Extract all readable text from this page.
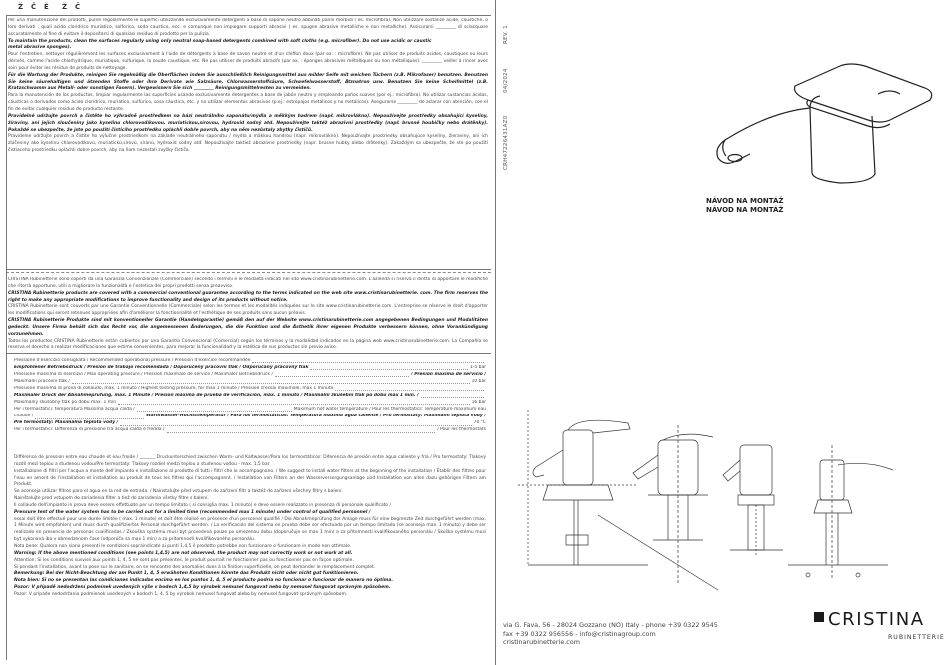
Ž Č Ě Ž Č

Per una manutenzione dei prodotti, pulire regolarmente le superfici utilizzando esclusivamente detergenti a base di sapone neutro abbinati panni morbidi ( es. microfibra). Non utilizzare sostanze acide, caustiche, o loro derivati , quali acido cloridrico muriatico, solforico, soda caustica, ecc. e comunque non impiegare supporti abrasivi ( es. spugne abrasive metalliche e non metalliche). Assicurarsi _________ di sciacquare accuratamente al fine di evitare il depositarsi di qualsiasi residuo di prodotto per la pulizia.

To maintain the products, clean the surfaces regularly using only neutral soap-based detergents combined with soft cloths (e.g. microfiber). Do not use acidic or caustic

metal abrasive sponges).

Pour l'entretien, nettoyer régulièrement les surfaces exclusivement à l'aide de détergents à base de savon neutre et d'un chiffon doux (par ex. : microfibre). Ne pas utiliser de produits acides, caustiques ou leurs dérivés, comme l'acide chlorhydrique, muriatique, sulfurique, la soude caustique, etc. Ne pas utiliser de produits abrasifs (par ex. : éponges abrasives métalliques ou non métalliques). _________ veiller à rincer avec soin pour éviter les résidus de produits de nettoyage.

Für die Wartung der Produkte, reinigen Sie regelmäßig die Oberflächen indem Sie ausschließlich Reinigungsmittel aus milder Seife mit weichen Tüchern (z.B. Mikrofaser) benutzen. Benutzen Sie keine säurehaltigen und ätzenden Stoffe oder ihre Derivate wie Salzsäure, Chlorwasserstoffsäure, Schwefelwasserstoff, Ätznatron usw. Benutzen Sie keine Scheifmittel (z.B. Kratzschwamm aus Metall- oder sonstigen Fasern). Vergewissern Sie sich _________ Reinigungsmittelresten zu vermeiden.

Para la manutención de los productos, limpiar regularmente las superficies usando exclusivamente detergentes a base de jabón neutro y empleando paños suaves (por ej.: microfibra). No utilizar sustancias ácidas, cáusticas o derivados como ácido clorídrico, muriático, sulfúrico, sosa cáustica, etc. y no utilizar elementos abrasivos (p.ej.: estropajos metálicos y no metálicos). Asegurarse _________ de aclarar con atención, con el fin de evitar cualquier residuo de producto restante.

Pravidelné udržujte povrch a čistěte ho výhradně prostředkem na bázi neutrálního saponátu/mýdla a měkkým hadrem (např. mikrovlákno). Nepoužívejte prostředky obsahující kyseliny, žíraviny, ani jejich sloučeniny jako kyselinu chlorovodíkovou, muriatickou,sírovou, hydroxid sodný atd. Nepoužívejte taktéž abrazivní prostředky (např. brusné houbičky nebo drátěnky). Pokaždé se ubezpečte, že jste po použití čisticího prostředku opláchli dobře povrch, aby na něm nezůstaly zbytky čističů.

Pravidelne udržujte povrch a čistite ho výlučne prostriedkom na základe neutrálneho saponátu / mydla a mäkkou handrou (napr. mikrovlákno). Nepoužívajte prostriedky obsahujúce kyseliny, žieraviny, ani ich zlúčeniny ako kyselinu chlorovodíkovú, muriatickú,sírovú, síranú, hydroxid sodný atď. Nepoužívajte taktiež abrazívne prostriedky (napr. brúsne hubky alebo drôtenky). Zakaždým sa ubezpečte, že ste po použití čistiaceho prostriedku opláchli dobre povrch, aby na ňom nezostali zvyšky čističa.

CRISTINA Rubinetterie sono coperti da una Garanzia Convenzionale (Commerciale) secondo i termini e le modalità indicati nel sito www.cristinarubinetterie.com. L'azienda si riserva il diritto di apportare le modifiche che riterrà opportune, utili a migliorare la funzionalità e l'estetica dei propri prodotti senza preavviso.

CRISTINA Rubinetterie products are covered with a commercial conventional guarantee according to the terms indicated on the web site www.cristinarubinetterie. com. The firm reserves the right to make any appropriate modifications to improve functionality and design of its products without notice.

CRISTINA Rubinetterie sont couverts par une Garantie Conventionnelle (Commerciale) selon les termes et les modalités indiquées sur le site www.cristinarubinetterie.com. L'entreprise se réserve le droit d'apporter les modifications qui seront retenues appropriées afin d'améliorer la fonctionnalité et l'esthétique de ses produits sans aucun préavis.

CRISTINA Rubinetterie Produkte sind mit konventioneller Garantie (Handelsgarantie) gemäß den auf der Website www.cristinarubinetterie.com angegebenen Bedingungen und Modalitäten gedeckt. Unsere Firma behält sich das Recht vor, die angemessenen Änderungen, die die Funktion und die Ästhetik ihrer eigenen Produkte verbessern können, ohne Vorankündigung vorzunehmen.

Todos los productos CRISTINA Rubinetterie están cubiertos por una Garantía Convencional (Comercial) según los términos y la modalidad indicados en la página web www.cristinarubinetterie.com. La Compañía se reserva el derecho a realizar modificaciones que estime convenientes, para mejorar la funcionalidad y la estética de sus productos sin previo aviso.

Pressione d'esercizio consigliata / Recommended operational pressure / Pression d'exercice recommandée
Empfohlener Betriebsdruck / Presión de trabajo recomendada / Doporučený pracovní tlak / Odporúčaný pracovný tlak	1-5 bar
Pressione massima di esercizio / Max operating pressure / Pression maximale de service / Maximaler Betriebsdruck /	/ Presión maxima de servicio /
Maximální pracovní tlak /	10 bar
Pressione massima di prova di collaudo, max. 1 minuto / Highest testing pressure, for max 1 minute / Pression d'essai maximale, max 1 minute
Maximaler Druck der Abnahmeprüfung, max. 1 Minute / Presión máxima de prueba de verificación, máx. 1 minuto / Maximální zkušební tlak po dobu max 1 min. /
Maximálny skúšobný tlak po dobu max. 1 min	16 bar
Per i termostatici: temperatura Massima acqua calda /	Maximum hot water temperature / Pour les thermostatics: Température maximum eau
chaude /	Warmwasser-Höchsttemperatur / Para los termostáticos: Temperatura máxima agua caliente / Pro termostaty: Maximální teplota vody /
Pre termostaty: Maximálna teplota vody /	70 °C
Per i termostatici: Differenza di pressione tra acqua calda e fredda /	/ Pour les thermostats

Différence de pression entre eau chaude et eau froide / _______ Druckunterschied zwischen Warm- und Kaltwasser/Para los termostáticos: Diferencia de presión entre agua caliente y fría / Pro termostaty: Tlakový rozdíl mezi teplou a studenou vodou/Pre termostaty: Tlakový rozdiel medzi teplou a studenou vodou - max. 1,5 bar

Installazione di filtri per l'acqua a monte dell'impianto e installazione al prodotto di tutti i filtri che lo accompagnano. / We suggest to install water filters at the beginning of the installation / Établir des filtres pour l'eau en amont de l'installation et installation au produit de tous les filtres qui l'accompagnent. / Installation von Filtern an der Wasserversorgungsanlage und Installation von allen dazu gehörigen Filtern am Produkt.

Se aconseja utilizar filtros para el agua en la red de entrada. / Nainstalujte před vstupem do zařízení filtr a taktéž do zařízení všechny filtry s balení.

Nainštalujte pred vstupom do zariadenia filter a tiež do zariadenia všetky filtre s balení.

Il collaudo dell'impianto in prova deve essere effettuato per un tempo limitato ( si consiglia max. 1 minuto) e deve essere realizzato in presenza di personale qualificato /

Pressure test of the water system has to be carried out for a limited time (recommended max 1 minute) under control of qualified personnel /

essai doit être effectué pour une durée limitée ( max. 1 minute) et doit être réalisé en présence d'un personnel qualifié / Die Abnahmeprüfung der Anlage muss für eine begrenzte Zeit durchgeführt werden (max. 1 Minute wird empfohlen) und muss durch qualifiziertes Personal durchgeführt werden. / La verificación del sistema en prueba debe ser efectuado por un tiempo limitado (se aconseja max. 1 minuto) y debe ser realizado en presencia de personas cualificadas / Zkouška systému musí být provedená pouze po omezenou dobu (doporučuje se max 1 min) a za přítomnosti kvalifikovaného personálu / Skúška systému musí byť vykonaná iba v obmedzenom čase (odporúča sa max 1 min) a za prítomnosti kvalifikovaného personálu.

Nota bene: Qualora non siano presenti le condizioni sopraindicate ai punti 1,4,5 il prodotto potrebbe non funzionare o funzionare in modo non ottimale.

Warning: If the above mentioned conditions (see points 1,4,5) are not observed, the product may not correctly work or not work at all.

Attention: Si les conditions susvisé aux points 1, 4, 5 ne sont pas présentes, le produit pourrait ne fonctionner pas ou fonctionner pas en façon optimale.

Si pendant l'installation, avant la pose sur le sanitaire, on se rencontre des anomalies dues à la finition superficielle, on peut demander le remplacement complet.

Bemerkung: Bei der Nicht-Beachtung der am Punkt 1, 4, 5 erwähnten Konditionen könnte das Produkt nicht oder nicht gut funktionieren.

Nota bien: Si no se presentan las condiciones indicadas encima en los puntos 1, 4, 5 el producto podría no funcionar o funcionar de manera no óptima.

Pozor: V případě nedodržení podmínek uvedených výše v bodech 1,4,5 by výrobek nemusel fungovat nebo by nemusel fungovat správným způsobem.

Pozor: V prípade nedodržania podmienok uvedených v bodoch 1, 4, 5 by výrobok nemusel fungovať alebo by nemusel fungovať správnym spôsobom.

CRH47226431AZ0
04/2024
REV. 1
NÁVOD NA MONTÁŽ
NÁVOD NA MONTÁŽ
via G. Fava, 56 - 28024 Gozzano (NO) Italy - phone +39 0322 9545
fax +39 0322 956556 - info@cristinagroup.com
cristinarubinetterie.com
CRISTINA
RUBINETTERIE
